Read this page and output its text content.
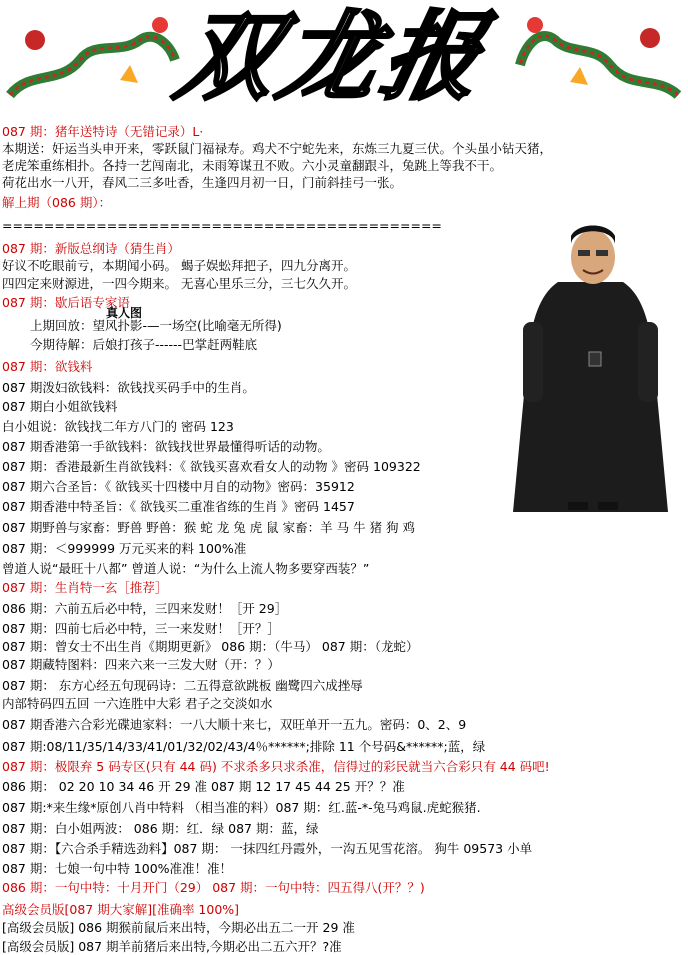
双龙报
真人图
087 期：猪年送特诗（无错记录）L·
本期送：奸运当头申开来，零跃鼠门福禄寿。鸡犬不宁蛇先来，东炼三九夏三伏。个头虽小钻天猪，
老虎笨重练相扑。各持一艺闯南北，未雨筹谋丑不败。六小灵童翻跟斗，兔跳上等我不干。
荷花出水一八开，春风二三多吐香，生逢四月初一日，门前斜挂弓一张。
解上期（086 期）：
==========================================
087 期：新版总纲诗（猜生肖）
好议不吃眼前亏，本期闻小码。 蝎子娱蚣拜把子，四九分离开。
四四定来财源进，一四今期来。 无喜心里乐三分，三七久久开。
087 期：歇后语专家语
上期回放：望风扑影-—一场空(比喻毫无所得)
今期待解：后娘打孩子------巴掌赶两鞋底
087 期：欲钱料
087 期泼妇欲钱料：欲钱找买码手中的生肖。
087 期白小姐欲钱料
白小姐说：欲钱找二年方八门的 密码 123
087 期香港第一手欲钱料：欲钱找世界最懂得听话的动物。
087 期：香港最新生肖欲钱料：《 欲钱买喜欢看女人的动物 》密码 109322
087 期六合圣旨：《 欲钱买十四楼中月自的动物》密码：35912
087 期香港中特圣旨：《 欲钱买二重准省练的生肖 》密码 1457
087 期野兽与家畜：野兽 野兽：猴 蛇 龙 兔 虎 鼠 家畜：羊 马 牛 猪 狗 鸡
087 期：＜999999 万元买来的料 100%准
曾道人说“最旺十八都” 曾道人说：“为什么上流人物多要穿西装？”
087 期：生肖特一玄［推荐］
086 期：六前五后必中特，三四来发财！［开 29］
087 期：四前七后必中特，三一来发财！［开？］
087 期：曾女士不出生肖《期期更新》 086 期：（牛马） 087 期：（龙蛇）
087 期藏特图料：四来六来一三发大财（开：？）
087 期： 东方心经五句现码诗：二五得意欲跳板 幽鹭四六成挫辱
内部特码四五回 一六连胜中大彩 君子之交淡如水
087 期香港六合彩光碟迪家料：一八大顺十来七，双旺单开一五九。密码：0、2、9
087 期:08/11/35/14/33/41/01/32/02/43/4％******;排除 11 个号码&******;蓝，绿
087 期：极限弃 5 码专区(只有 44 码) 不求杀多只求杀准，信得过的彩民就当六合彩只有 44 码吧!
086 期： 02 20 10 34 46 开 29 准 087 期 12 17 45 44 25 开？？准
087 期:*来生缘*原创八肖中特料 （相当准的料）087 期：红.蓝-*-兔马鸡鼠.虎蛇猴猪.
087 期：白小姐两波： 086 期：红．绿 087 期：蓝，绿
087 期：【六合杀手精选劲料】087 期： 一抹四红丹霞外，一沟五见雪花溶。 狗牛 09573 小单
087 期：七娘一句中特 100%准准！准！
086 期：一句中特：十月开门（29） 087 期：一句中特：四五得八(开？？)
高级会员版[087 期大家解][准确率 100%]
[高级会员版] 086 期猴前鼠后来出特，今期必出五二一开 29 准
[高级会员版] 087 期羊前猪后来出特,今期必出二五六开？?准
